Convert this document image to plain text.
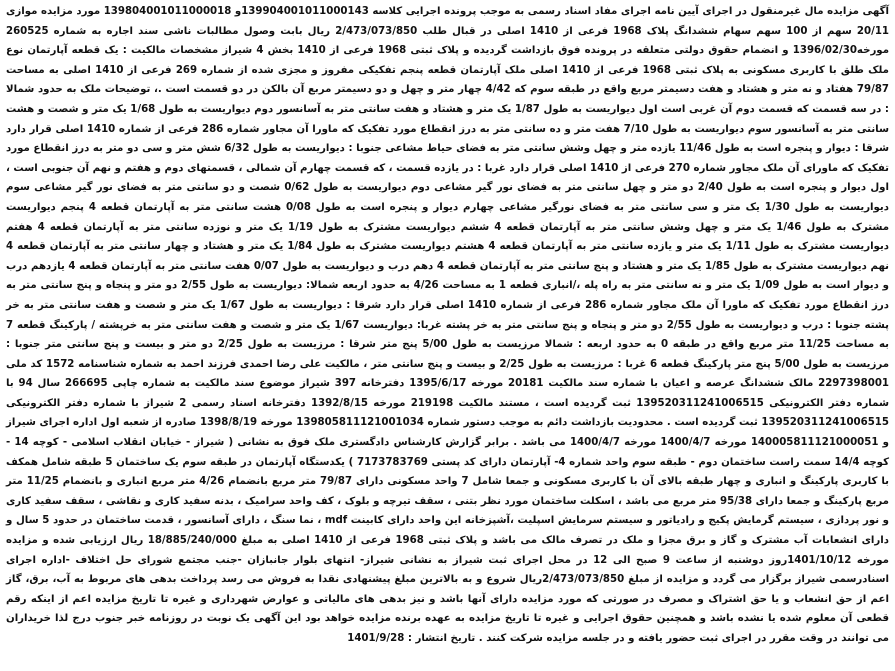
آگهی مزایده مال غیرمنقول در اجرای آیین نامه اجرای مفاد اسناد رسمی به موجب پرونده اجرایی کلاسه 139904001011000143و 139804001011000018 مورد مزایده موازی 20/11 سهم از 100 سهم سهام ششدانگ پلاک 1968 فرعی از 1410 اصلی در قبال طلب 2/473/073/850 ریال بابت وصول مطالبات ناشی سند اجاره به شماره 260525 مورخه1396/02/30 و انضمام حقوق دولتی متعلقه در پرونده فوق بازداشت گردیده و پلاک ثبتی 1968 فرعی از 1410 بخش 4 شیراز مشخصات مالکیت : یک قطعه آپارتمان نوع ملک طلق با کاربری مسکونی به پلاک ثبتی 1968 فرعی از 1410 اصلی ملک آپارتمان قطعه پنجم تفکیکی مفروز و مجزی شده از شماره 269 فرعی از 1410 اصلی به مساحت 79/87 هفتاد و نه متر و هشتاد و هفت دسیمتر مربع واقع در طبقه سوم که 4/42 چهار متر و چهل و دو دسیمتر مربع آن بالکن در دو قسمت است .، توضیحات ملک به حدود شمالا : در سه قسمت که قسمت دوم آن غربی است اول دیواریست به طول 1/87 یک متر و هشتاد و هفت سانتی متر به آسانسور دوم دیواریست به طول 1/68 یک متر و شصت و هشت سانتی متر به آسانسور سوم دیواریست به طول 7/10 هفت متر و ده سانتی متر به درز انقطاع مورد تفکیک که ماورا آن مجاور شماره 286 فرعی از شماره 1410 اصلی قرار دارد شرقا : دیوار و پنجره است به طول 11/46 یازده متر و چهل وشش سانتی متر به فضای حیاط مشاعی جنوبا : دیواریست به طول 6/32 شش متر و سی دو متر به درز انقطاع مورد تفکیک که ماورای آن ملک مجاور شماره 270 فرعی از 1410 اصلی قرار دارد غربا : در یازده قسمت ، که قسمت چهارم آن شمالی ، قسمتهای دوم و هفتم و نهم آن جنوبی است ، اول دیوار و پنجره است به طول 2/40 دو متر و چهل سانتی متر به فضای نور گیر مشاعی دوم دیواریست به طول 0/62 شصت و دو سانتی متر به فضای نور گیر مشاعی سوم دیواریست به طول 1/30 یک متر و سی سانتی متر به فضای نورگیر مشاعی چهارم دیوار و پنجره است به طول 0/08 هشت سانتی متر به آپارتمان قطعه 4 پنجم دیواریست مشترک به طول 1/46 یک متر و چهل وشش سانتی متر به آپارتمان قطعه 4 ششم دیواریست مشترک به طول 1/19 یک متر و نوزده سانتی متر به آپارتمان قطعه 4 هفتم دیواریست مشترک به طول 1/11 یک متر و یازده سانتی متر به آپارتمان قطعه 4 هشتم دیواریست مشترک به طول 1/84 یک متر و هشتاد و چهار سانتی متر به آپارتمان قطعه 4 نهم دیواریست مشترک به طول 1/85 یک متر و هشتاد و پنج سانتی متر به آپارتمان قطعه 4 دهم درب و دیواریست به طول 0/07 هفت سانتی متر به آپارتمان قطعه 4 یازدهم درب و دیوار است به طول 1/09 یک متر و نه سانتی متر به راه پله ،/انباری قطعه 1 به مساحت 4/26 به حدود اربعه شمالا: دیواریست به طول 2/55 دو متر و پنجاه و پنج سانتی متر به درز انقطاع مورد تفکیک که ماورا آن ملک مجاور شماره 286 فرعی از شماره 1410 اصلی قرار دارد شرقا : دیواریست به طول 1/67 یک متر و شصت و هفت سانتی متر به خر پشته جنوبا : درب و دیواریست به طول 2/55 دو متر و پنجاه و پنج سانتی متر به خر پشته غربا: دیواریست 1/67 یک متر و شصت و هفت سانتی متر به خرپشته / پارکینگ قطعه 7 به مساحت 11/25 متر مربع واقع در طبقه 0 به حدود اربعه : شمالا مرزیست به طول 5/00 پنج متر شرقا : مرزیست به طول 2/25 دو متر و بیست و پنج سانتی متر جنوبا : مرزیست به طول 5/00 پنج متر پارکینگ قطعه 6 غربا : مرزیست به طول 2/25 و بیست و پنج سانتی متر ، مالکیت علی رضا احمدی فرزند احمد به شماره شناسنامه 1572 کد ملی 2297398001 مالک ششدانگ عرصه و اعیان با شماره سند مالکیت 20181 مورخه 1395/6/17 دفترخانه 397 شیراز موضوع سند مالکیت به شماره چاپی 266695 سال 94 با شماره دفتر الکترونیکی 139520311241006515 ثبت گردیده است ، مستند مالکیت 219198 مورخه 1392/8/15 دفترخانه اسناد رسمی 2 شیراز با شماره دفتر الکترونیکی 139520311241006515 ثبت گردیده است . محدودیت بازداشت دائم به موجب دستور شماره 139805811121001034 مورخه 1398/8/19 صادره از شعبه اول اداره اجرای شیراز و 140005811121000051 مورخه 1400/4/7 مورخه 1400/4/7 می باشد . برابر گزارش کارشناس دادگستری ملک فوق به نشانی ( شیراز - خیابان انقلاب اسلامی - کوچه 14 - کوچه 14/4 سمت راست ساختمان دوم - طبقه سوم واحد شماره 4- آپارتمان دارای کد پستی 7173783769 ) یکدستگاه آپارتمان در طبقه سوم یک ساختمان 5 طبقه شامل همکف با کاربری پارکینگ و انباری و چهار طبقه بالای آن با کاربری مسکونی و جمعا شامل 7 واحد مسکونی دارای 79/87 متر مربع بانضمام 4/26 متر مربع انباری و بانضمام 11/25 متر مربع پارکینگ و جمعا دارای 95/38 متر مربع می باشد ، اسکلت ساختمان مورد نظر بتنی ، سقف تیرچه و بلوک ، کف واحد سرامیک ، بدنه سفید کاری و نقاشی ، سقف سفید کاری و نور پردازی ، سیستم گرمایش پکیج و رادیاتور و سیستم سرمایش اسپلیت ،آشپزخانه این واحد دارای کابینت mdf ، نما سنگ ، دارای آسانسور ، قدمت ساختمان در حدود 5 سال و دارای انشعابات آب مشترک و گاز و برق مجزا و ملک در تصرف مالک می باشد و پلاک ثبتی 1968 فرعی از 1410 اصلی به مبلغ 18/885/240/000 ریال ارزیابی شده و مزایده مورخه 1401/10/12روز دوشنبه از ساعت 9 صبح الی 12 در محل اجرای ثبت شیراز به نشانی شیراز- انتهای بلوار جانبازان -جنب مجتمع شورای حل اختلاف -اداره اجرای اسنادرسمی شیراز برگزار می گردد و مزایده از مبلغ 2/473/073/850ریال شروع و به بالاترین مبلغ پیشنهادی نقدا به فروش می رسد پرداخت بدهی های مربوط به آب، برق، گاز اعم از حق انشعاب و یا حق اشتراک و مصرف در صورتی که مورد مزایده دارای آنها باشد و نیز بدهی های مالیاتی و عوارض شهرداری و غیره تا تاریخ مزایده اعم از اینکه رقم قطعی آن معلوم شده یا نشده باشد و همچنین حقوق اجرایی و غیره تا تاریخ مزایده به عهده برنده مزایده خواهد بود این آگهی یک نوبت در روزنامه خبر جنوب درج لذا خریداران می توانند در وقت مقرر در اجرای ثبت حضور یافته و در جلسه مزایده شرکت کنند . تاریخ انتشار : 1401/9/28
